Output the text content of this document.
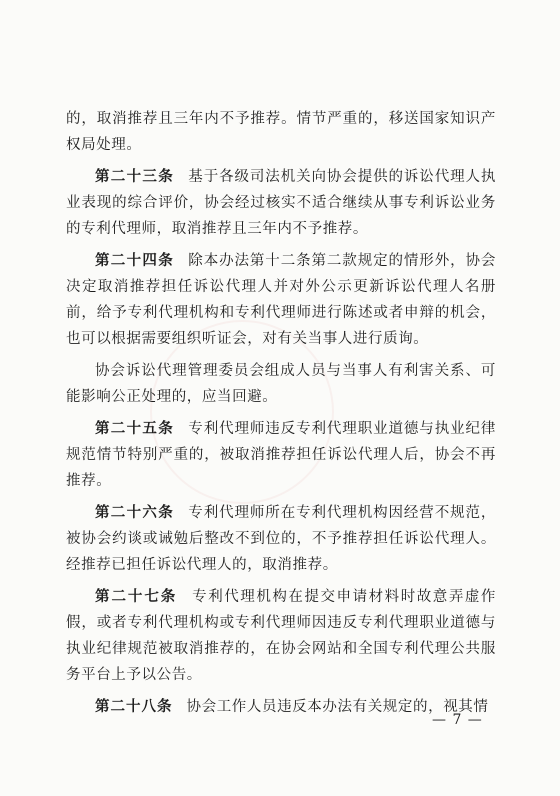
的，取消推荐且三年内不予推荐。情节严重的，移送国家知识产权局处理。

第二十三条 基于各级司法机关向协会提供的诉讼代理人执业表现的综合评价，协会经过核实不适合继续从事专利诉讼业务的专利代理师，取消推荐且三年内不予推荐。

第二十四条 除本办法第十二条第二款规定的情形外，协会决定取消推荐担任诉讼代理人并对外公示更新诉讼代理人名册前，给予专利代理机构和专利代理师进行陈述或者申辩的机会，也可以根据需要组织听证会，对有关当事人进行质询。

协会诉讼代理管理委员会组成人员与当事人有利害关系、可能影响公正处理的，应当回避。

第二十五条 专利代理师违反专利代理职业道德与执业纪律规范情节特别严重的，被取消推荐担任诉讼代理人后，协会不再推荐。

第二十六条 专利代理师所在专利代理机构因经营不规范，被协会约谈或诫勉后整改不到位的，不予推荐担任诉讼代理人。经推荐已担任诉讼代理人的，取消推荐。

第二十七条 专利代理机构在提交申请材料时故意弄虚作假，或者专利代理机构或专利代理师因违反专利代理职业道德与执业纪律规范被取消推荐的，在协会网站和全国专利代理公共服务平台上予以公告。

第二十八条 协会工作人员违反本办法有关规定的，视其情

— 7 —
